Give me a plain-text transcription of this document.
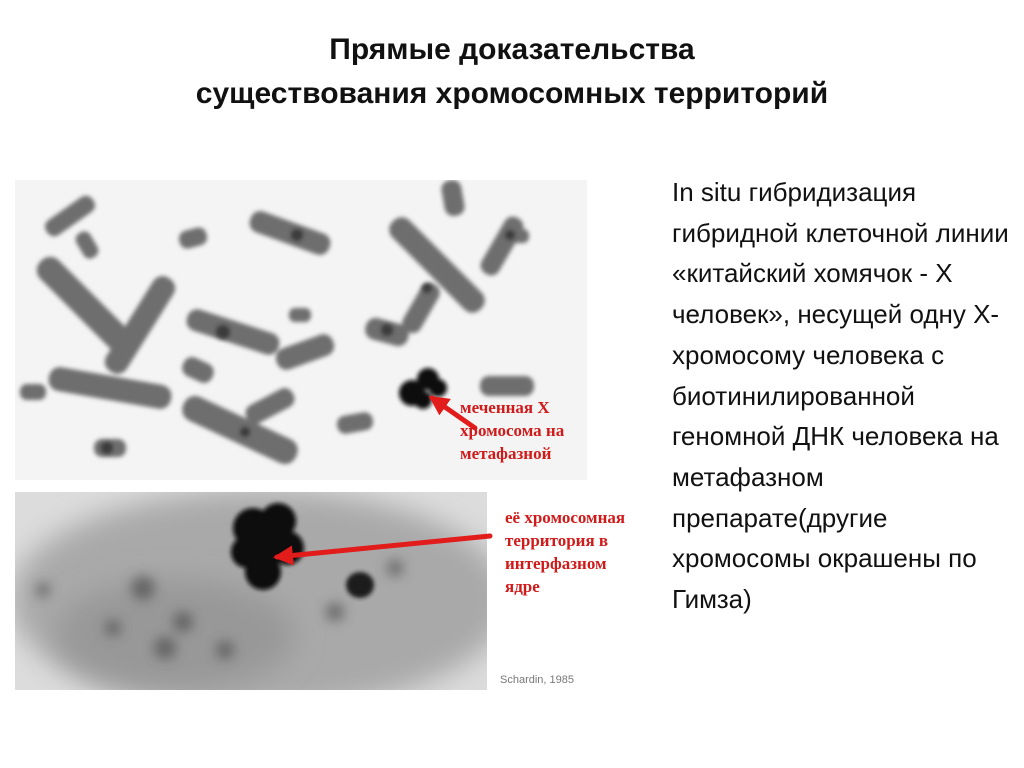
Прямые доказательства
существования хромосомных территорий
меченная X
хромосома на
метафазной
её хромосомная
территория в
интерфазном
ядре
Schardin, 1985
In situ гибридизация гибридной клеточной линии «китайский хомячок - Х человек», несущей одну Х-хромосому человека с биотинилированной геномной ДНК человека на метафазном препарате(другие хромосомы окрашены по Гимза)
